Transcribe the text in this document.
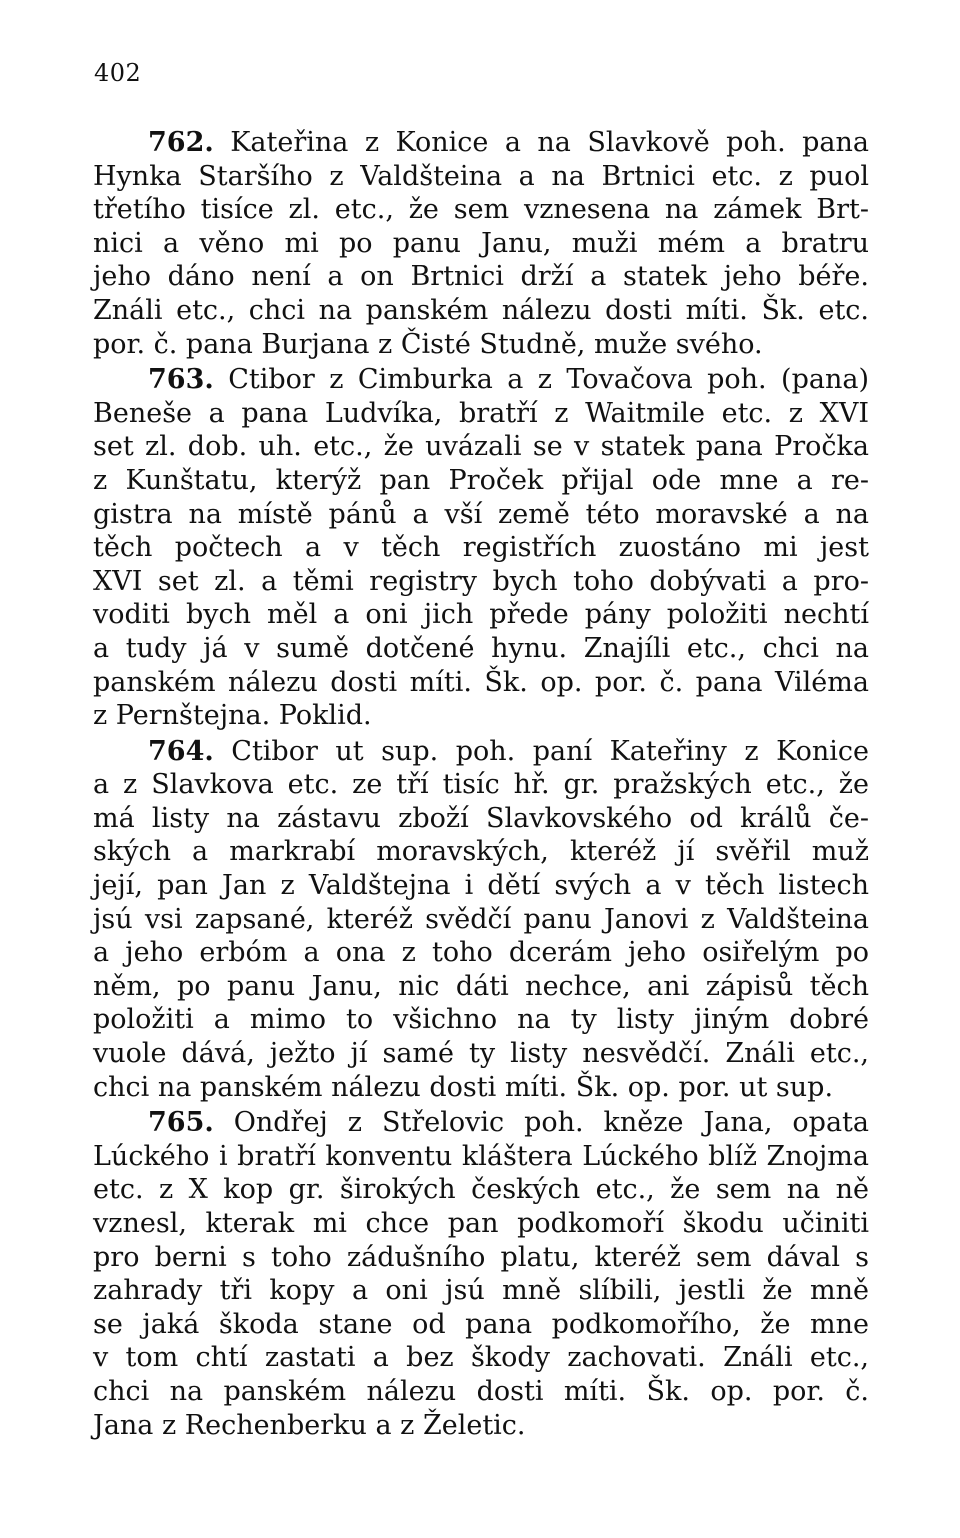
402
762. Kateřina z Konice a na Slavkově poh. pana
Hynka Staršího z Valdšteina a na Brtnici etc. z puol
třetího tisíce zl. etc., že sem vznesena na zámek Brt-
nici a věno mi po panu Janu, muži mém a bratru
jeho dáno není a on Brtnici drží a statek jeho béře.
Ználi etc., chci na panském nálezu dosti míti. Šk. etc.
por. č. pana Burjana z Čisté Studně, muže svého.
763. Ctibor z Cimburka a z Tovačova poh. (pana)
Beneše a pana Ludvíka, bratří z Waitmile etc. z XVI
set zl. dob. uh. etc., že uvázali se v statek pana Pročka
z Kunštatu, kterýž pan Proček přijal ode mne a re-
gistra na místě pánů a vší země této moravské a na
těch počtech a v těch registřích zuostáno mi jest
XVI set zl. a těmi registry bych toho dobývati a pro-
voditi bych měl a oni jich přede pány položiti nechtí
a tudy já v sumě dotčené hynu. Znajíli etc., chci na
panském nálezu dosti míti. Šk. op. por. č. pana Viléma
z Pernštejna. Poklid.
764. Ctibor ut sup. poh. paní Kateřiny z Konice
a z Slavkova etc. ze tří tisíc hř. gr. pražských etc., že
má listy na zástavu zboží Slavkovského od králů če-
ských a markrabí moravských, kteréž jí svěřil muž
její, pan Jan z Valdštejna i dětí svých a v těch listech
jsú vsi zapsané, kteréž svědčí panu Janovi z Valdšteina
a jeho erbóm a ona z toho dcerám jeho osiřelým po
něm, po panu Janu, nic dáti nechce, ani zápisů těch
položiti a mimo to všichno na ty listy jiným dobré
vuole dává, ježto jí samé ty listy nesvědčí. Ználi etc.,
chci na panském nálezu dosti míti. Šk. op. por. ut sup.
765. Ondřej z Střelovic poh. kněze Jana, opata
Lúckého i bratří konventu kláštera Lúckého blíž Znojma
etc. z X kop gr. širokých českých etc., že sem na ně
vznesl, kterak mi chce pan podkomoří škodu učiniti
pro berni s toho zádušního platu, kteréž sem dával s
zahrady tři kopy a oni jsú mně slíbili, jestli že mně
se jaká škoda stane od pana podkomořího, že mne
v tom chtí zastati a bez škody zachovati. Ználi etc.,
chci na panském nálezu dosti míti. Šk. op. por. č.
Jana z Rechenberku a z Želetic.
